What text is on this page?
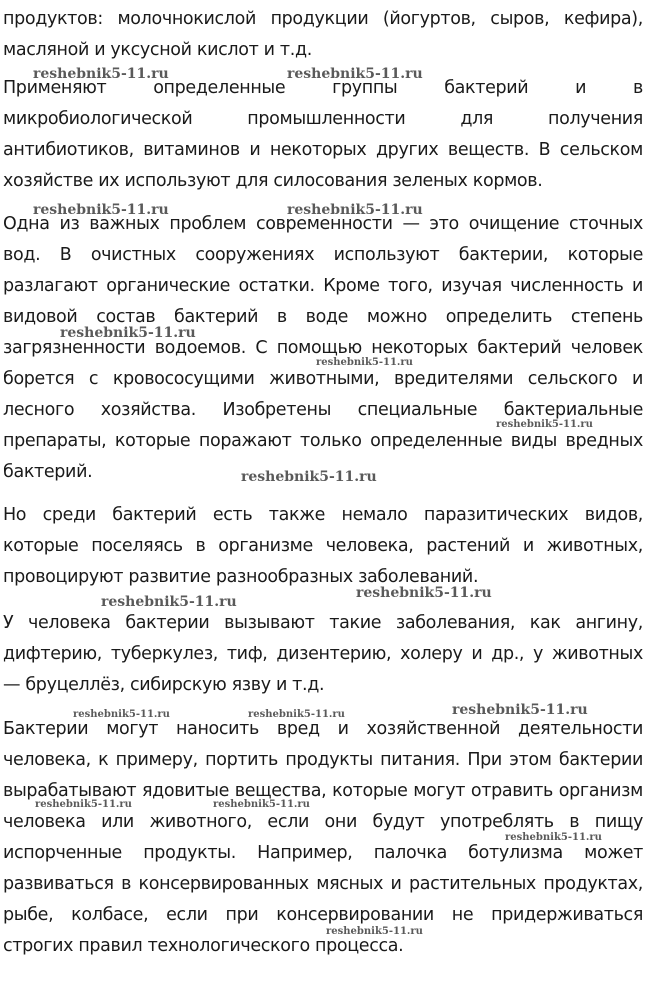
продуктов: молочнокислой продукции (йогуртов, сыров, кефира),
масляной и уксусной кислот и т.д.
Применяют определенные группы бактерий и в
микробиологической промышленности для получения
антибиотиков, витаминов и некоторых других веществ. В сельском
хозяйстве их используют для силосования зеленых кормов.
Одна из важных проблем современности — это очищение сточных
вод. В очистных сооружениях используют бактерии, которые
разлагают органические остатки. Кроме того, изучая численность и
видовой состав бактерий в воде можно определить степень
загрязненности водоемов. С помощью некоторых бактерий человек
борется с кровососущими животными, вредителями сельского и
лесного хозяйства. Изобретены специальные бактериальные
препараты, которые поражают только определенные виды вредных
бактерий.
Но среди бактерий есть также немало паразитических видов,
которые поселяясь в организме человека, растений и животных,
провоцируют развитие разнообразных заболеваний.
У человека бактерии вызывают такие заболевания, как ангину,
дифтерию, туберкулез, тиф, дизентерию, холеру и др., у животных
— бруцеллёз, сибирскую язву и т.д.
Бактерии могут наносить вред и хозяйственной деятельности
человека, к примеру, портить продукты питания. При этом бактерии
вырабатывают ядовитые вещества, которые могут отравить организм
человека или животного, если они будут употреблять в пищу
испорченные продукты. Например, палочка ботулизма может
развиваться в консервированных мясных и растительных продуктах,
рыбе, колбасе, если при консервировании не придерживаться
строгих правил технологического процесса.
reshebnik5-11.ru	reshebnik5-11.ru
reshebnik5-11.ru	reshebnik5-11.ru
reshebnik5-11.ru
reshebnik5-11.ru
reshebnik5-11.ru
reshebnik5-11.ru
reshebnik5-11.ru
reshebnik5-11.ru
reshebnik5-11.ru
reshebnik5-11.ru	reshebnik5-11.ru
reshebnik5-11.ru	reshebnik5-11.ru
reshebnik5-11.ru
reshebnik5-11.ru
